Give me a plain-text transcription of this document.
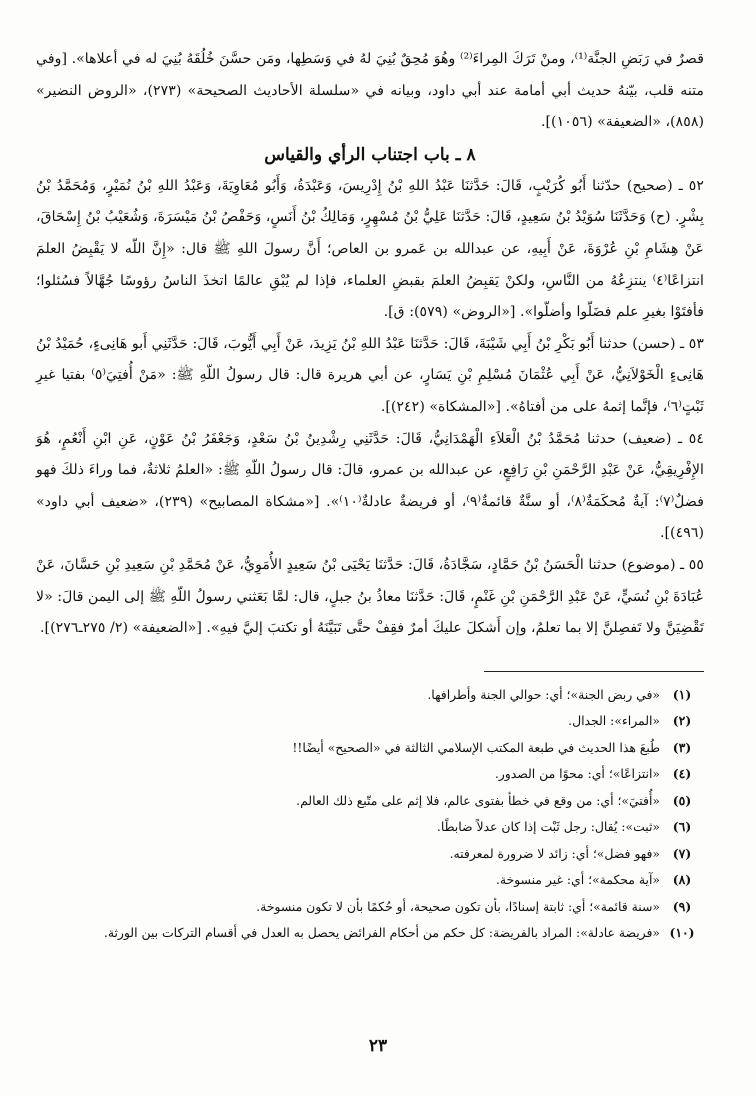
قصرٌ في رَبَضِ الجنَّة⁽¹⁾، ومنْ تَرَكَ المِراءَ⁽²⁾ وهُوَ مُحِقٌ بُنِيَ لهُ في وَسَطِها، ومَن حسَّنَ خُلُقَهُ بُنِيَ له في أعلاها». [وفي متنه قلب، بيّنهُ حديث أبي أمامة عند أبي داود، وبيانه في «سلسلة الأحاديث الصحيحة» (٢٧٣)، «الروض النضير» (٨٥٨)، «الضعيفة» (١٠٥٦)].

٨ ـ باب اجتناب الرأي والقياس

٥٢ ـ (صحيح) حدّثنا أَبُو كُرَيْبٍ، قَالَ: حَدَّثنَا عَبْدُ اللهِ بْنُ إِدْرِيسَ، وَعَبْدَةُ، وَأَبُو مُعَاوِيَةَ، وَعَبْدُ اللهِ بْنُ نُمَيْرٍ، وَمُحَمَّدُ بْنُ بِشْرٍ. (ح) وَحَدَّثَنَا سُوَيْدُ بْنُ سَعِيدٍ، قَالَ: حَدَّثنَا عَلِيُّ بْنُ مُسْهِرٍ، وَمَالِكُ بْنُ أَنَسٍ، وَحَفْصُ بْنُ مَيْسَرَةَ، وَشُعَيْبُ بْنُ إِسْحَاقَ، عَنْ هِشَامِ بْنِ عُرْوَةَ، عَنْ أَبِيهِ، عن عبدالله بن عَمرو بن العاص؛ أَنَّ رسولَ اللهِ ﷺ قال: «إِنَّ اللّه لا يَقْبِضُ العلمَ انتزاعًا⁽٤⁾ ينتزِعُهُ من النَّاسِ، ولكنْ يَقبِضُ العلمَ بقبضِ العلماء، فإذا لم يُبْقِ عالمًا اتخذَ الناسُ رؤوسًا جُهَّالاً فسُئلوا؛ فأفتَوْا بغيرِ علم فضَلّوا وأضلّوا». [«الروض» (٥٧٩): ق].

٥٣ ـ (حسن) حدثنا أَبُو بَكْرِ بْنُ أَبِي شَيْبَةَ، قَالَ: حَدَّثنَا عَبْدُ اللهِ بْنُ يَزِيدَ، عَنْ أَبِي أَيُّوبَ، قَالَ: حَدَّثَنِي أَبو هَانِىءٍ، حُمَيْدُ بْنُ هَانِىءٍ الْخَوْلاَنِيُّ، عَنْ أَبِي عُثْمَانَ مُسْلِمِ بْنِ يَسَارٍ، عن أبي هريرة قال: قال رسولُ اللّهِ ﷺ: «مَنْ أُفتِيَ⁽٥⁾ بفتيا غيرِ ثَبْتٍ⁽٦⁾، فإنَّما إثمهُ على من أفتاهُ». [«المشكاة» (٢٤٢)].

٥٤ ـ (ضعيف) حدثنا مُحَمَّدُ بْنُ الْعَلاَءِ الْهَمْدَانِيُّ، قَالَ: حَدَّثَنِي رِشْدِينُ بْنُ سَعْدٍ، وَجَعْفَرُ بْنُ عَوْنٍ، عَنِ ابْنِ أَنْعُمٍ، هُوَ الإِفْرِيقِيُّ، عَنْ عَبْدِ الرَّحْمَنِ بْنِ رَافِعٍ، عن عبدالله بن عمرو، قالَ: قال رسولُ اللّهِ ﷺ: «العلمُ ثلاثةٌ، فما وراءَ ذلكَ فهو فضلٌ⁽٧⁾: آيةٌ مُحكَمَةٌ⁽٨⁾، أو سنَّةٌ قائمةٌ⁽٩⁾، أو فريضةٌ عادلةٌ⁽١٠⁾». [«مشكاة المصابيح» (٢٣٩)، «ضعيف أبي داود» (٤٩٦)].

٥٥ ـ (موضوع) حدثنا الْحَسَنُ بْنُ حَمَّادٍ، سَجَّادَةُ، قَالَ: حَدَّثنَا يَحْيَى بْنُ سَعِيدٍ الأُمَوِيُّ، عَنْ مُحَمَّدِ بْنِ سَعِيدِ بْنِ حَسَّانَ، عَنْ عُبَادَةَ بْنِ نُسَيٍّ، عَنْ عَبْدِ الرَّحْمَنِ بْنِ غَنْمٍ، قَالَ: حَدَّثنَا معاذُ بنُ جبلٍ، قال: لمَّا بَعَثني رسولُ اللّهِ ﷺ إلى اليمن قالَ: «لا تَقْضِيَنَّ ولا تَفصِلنَّ إلا بما تعلمُ، وإن أَشكلَ عليكَ أمرٌ فقِفْ حتَّى تَبَيَّنَهُ أو تكتبَ إليَّ فيهِ». [«الضعيفة» (٢/ ٢٧٥ـ٢٧٦)].

(١)
«في ربض الجنة»؛ أي: حوالي الجنة وأطرافها.
(٢)
«المراء»: الجدال.
(٣)
طُبعَ هذا الحديث في طبعة المكتب الإسلامي الثالثة في «الصحيح» أيضًا!!
(٤)
«انتزاعًا»؛ أي: محوًا من الصدور.
(٥)
«أُفتيَ»؛ أي: من وقع في خطأ بفتوى عالم، فلا إثم على متّبع ذلك العالم.
(٦)
«ثبت»: يُقال: رجل ثَبْت إذا كان عدلاً ضابطًا.
(٧)
«فهو فضل»؛ أي: زائد لا ضرورة لمعرفته.
(٨)
«آية محكمة»؛ أي: غير منسوخة.
(٩)
«سنة قائمة»؛ أي: ثابتة إسنادًا، بأن تكون صحيحة، أو حُكمًا بأن لا تكون منسوخة.
(١٠)
«فريضة عادلة»: المراد بالفريضة: كل حكم من أحكام الفرائض يحصل به العدل في أقسام التركات بين الورثة.
٢٣
